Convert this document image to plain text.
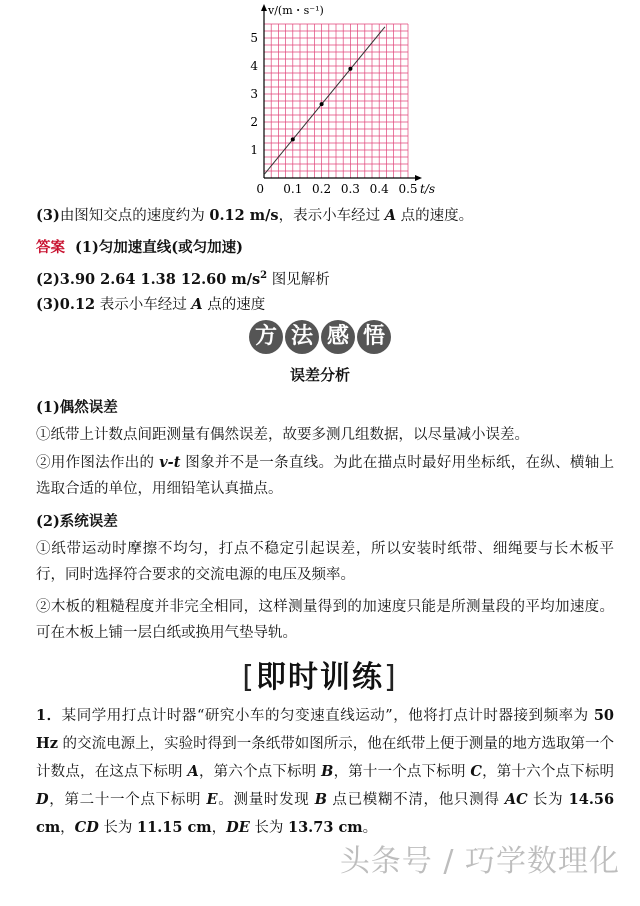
0 0.1 0.2 0.3 0.4 0.5
1
2
3
4
5
t/s
v/(m・s⁻¹)
(3)由图知交点的速度约为 0.12 m/s，表示小车经过 A 点的速度。
答案 (1)匀加速直线(或匀加速)
(2)3.90 2.64 1.38 12.60 $m/s^2$ 图见解析
(3)0.12 表示小车经过 A 点的速度
方 法 感 悟
误差分析
(1)偶然误差
①纸带上计数点间距测量有偶然误差，故要多测几组数据，以尽量减小误差。
②用作图法作出的 v-t 图象并不是一条直线。为此在描点时最好用坐标纸，在纵、横轴上选取合适的单位，用细铅笔认真描点。
(2)系统误差
①纸带运动时摩擦不均匀，打点不稳定引起误差，所以安装时纸带、细绳要与长木板平行，同时选择符合要求的交流电源的电压及频率。
②木板的粗糙程度并非完全相同，这样测量得到的加速度只能是所测量段的平均加速度。可在木板上铺一层白纸或换用气垫导轨。
[即时训练]
1．某同学用打点计时器“研究小车的匀变速直线运动”，他将打点计时器接到频率为 50 Hz 的交流电源上，实验时得到一条纸带如图所示，他在纸带上便于测量的地方选取第一个计数点，在这点下标明 A，第六个点下标明 B，第十一个点下标明 C，第十六个点下标明 D，第二十一个点下标明 E。测量时发现 B 点已模糊不清，他只测得 AC 长为 14.56 cm，CD 长为 11.15 cm，DE 长为 13.73 cm。
头条号 / 巧学数理化
